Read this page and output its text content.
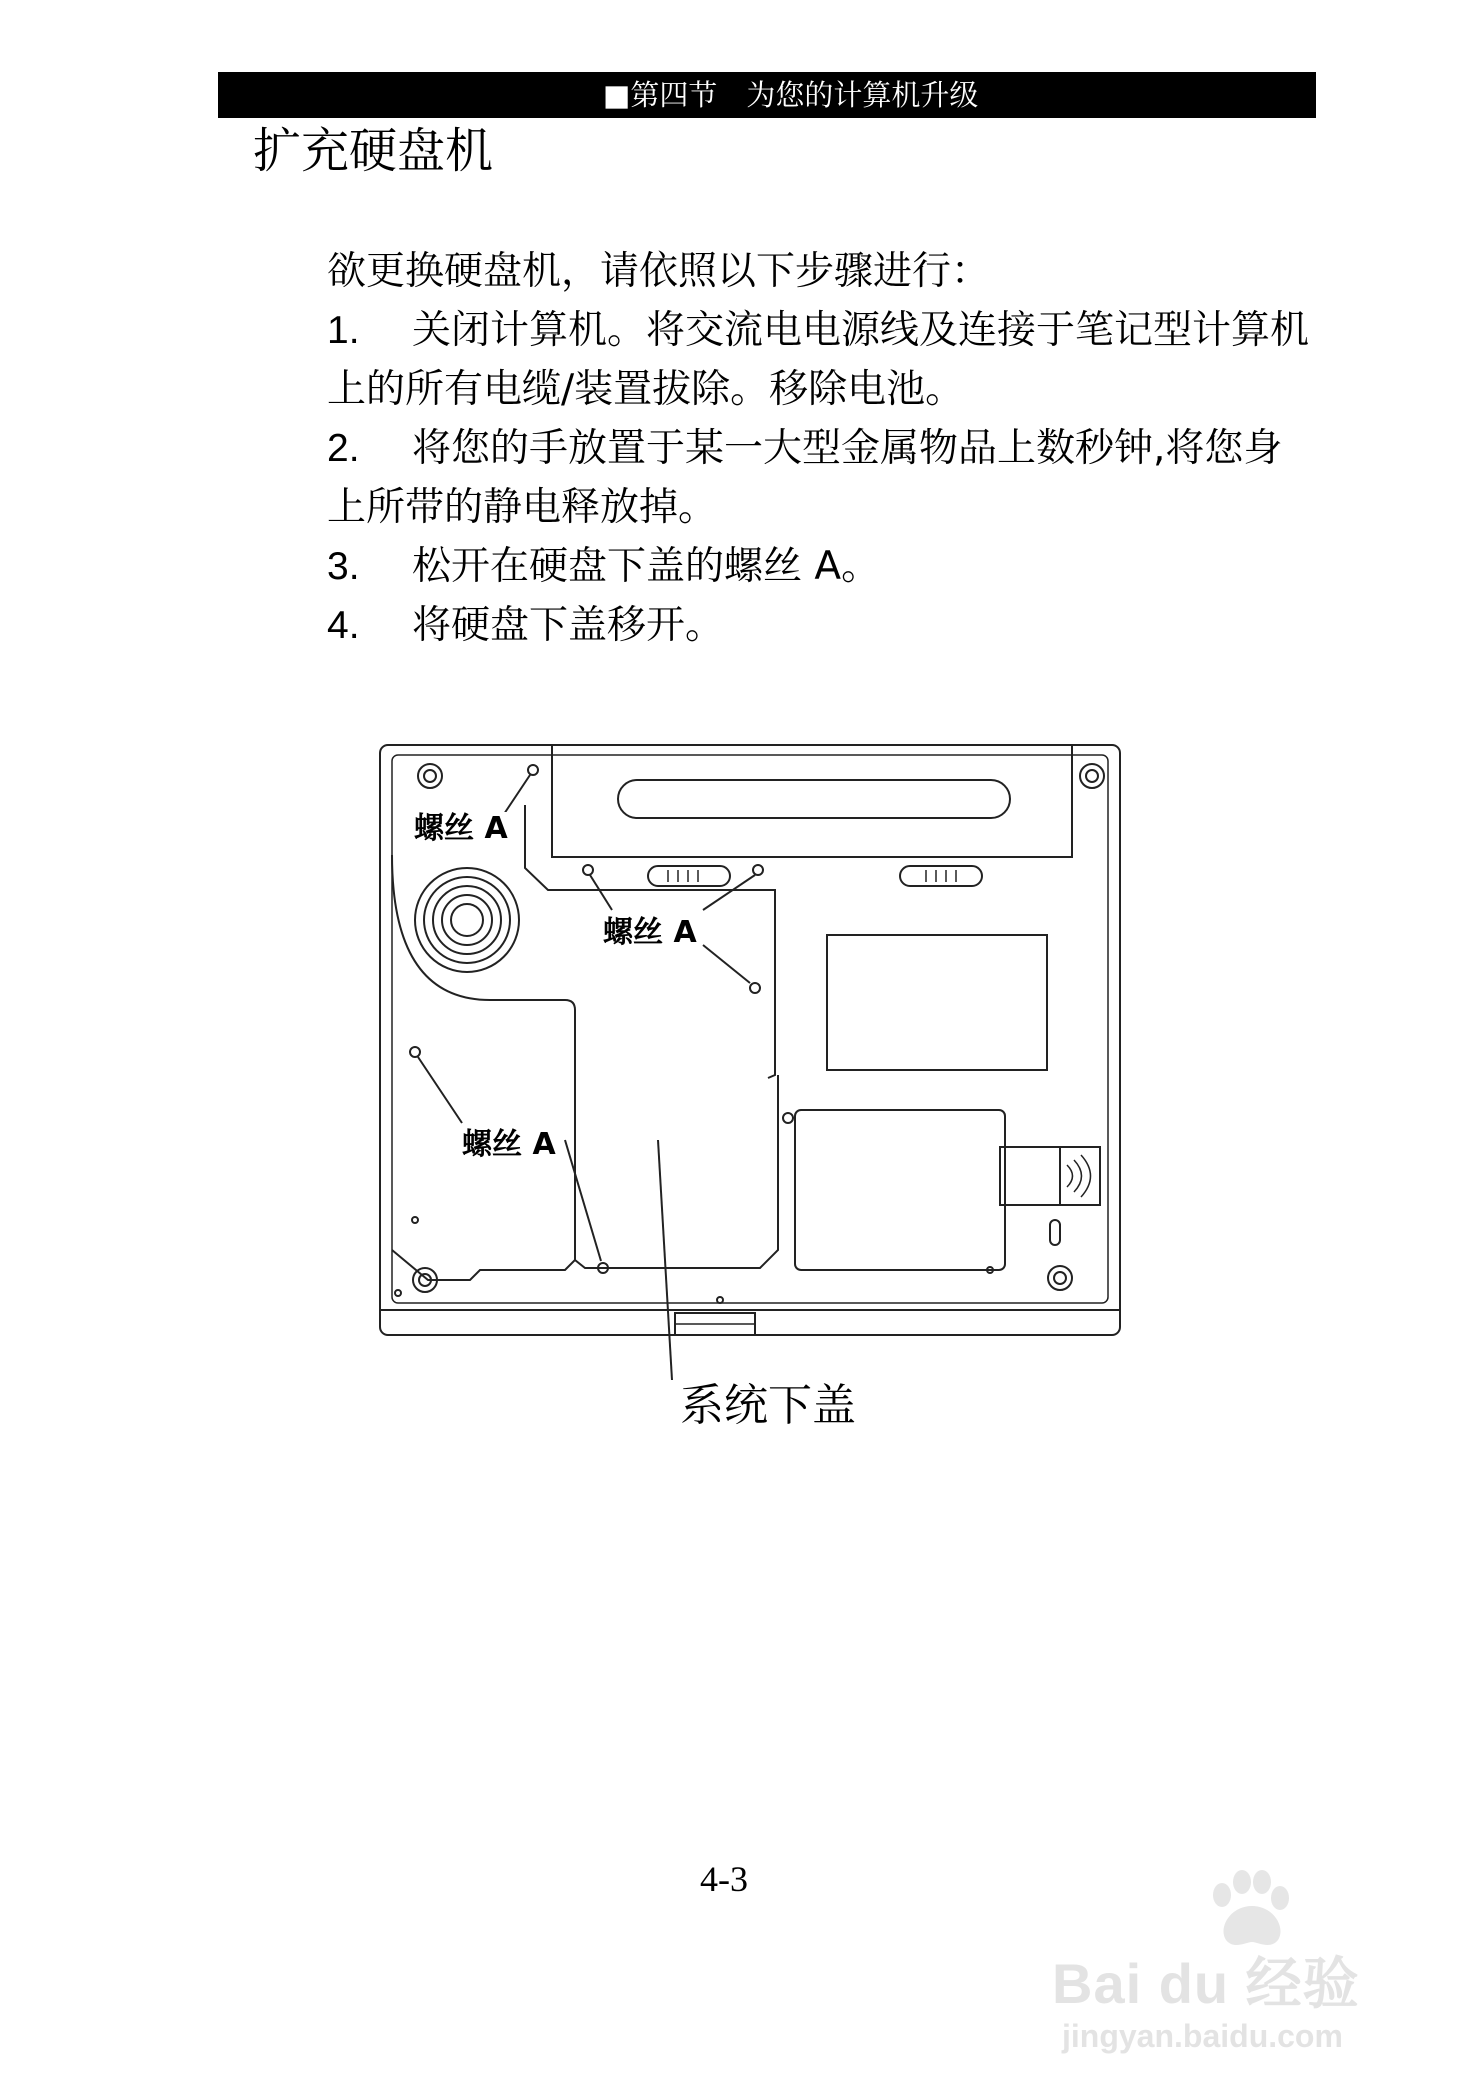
■第四节　为您的计算机升级
扩充硬盘机

欲更换硬盘机，请依照以下步骤进行：

1.	关闭计算机。将交流电电源线及连接于笔记型计算机

上的所有电缆/装置拔除。移除电池。

2.	将您的手放置于某一大型金属物品上数秒钟,将您身

上所带的静电释放掉。

3.	松开在硬盘下盖的螺丝 A。
4.	将硬盘下盖移开。
螺丝 A
螺丝 A
螺丝 A
系统下盖
4-3
Bai du 经验
jingyan.baidu.com
